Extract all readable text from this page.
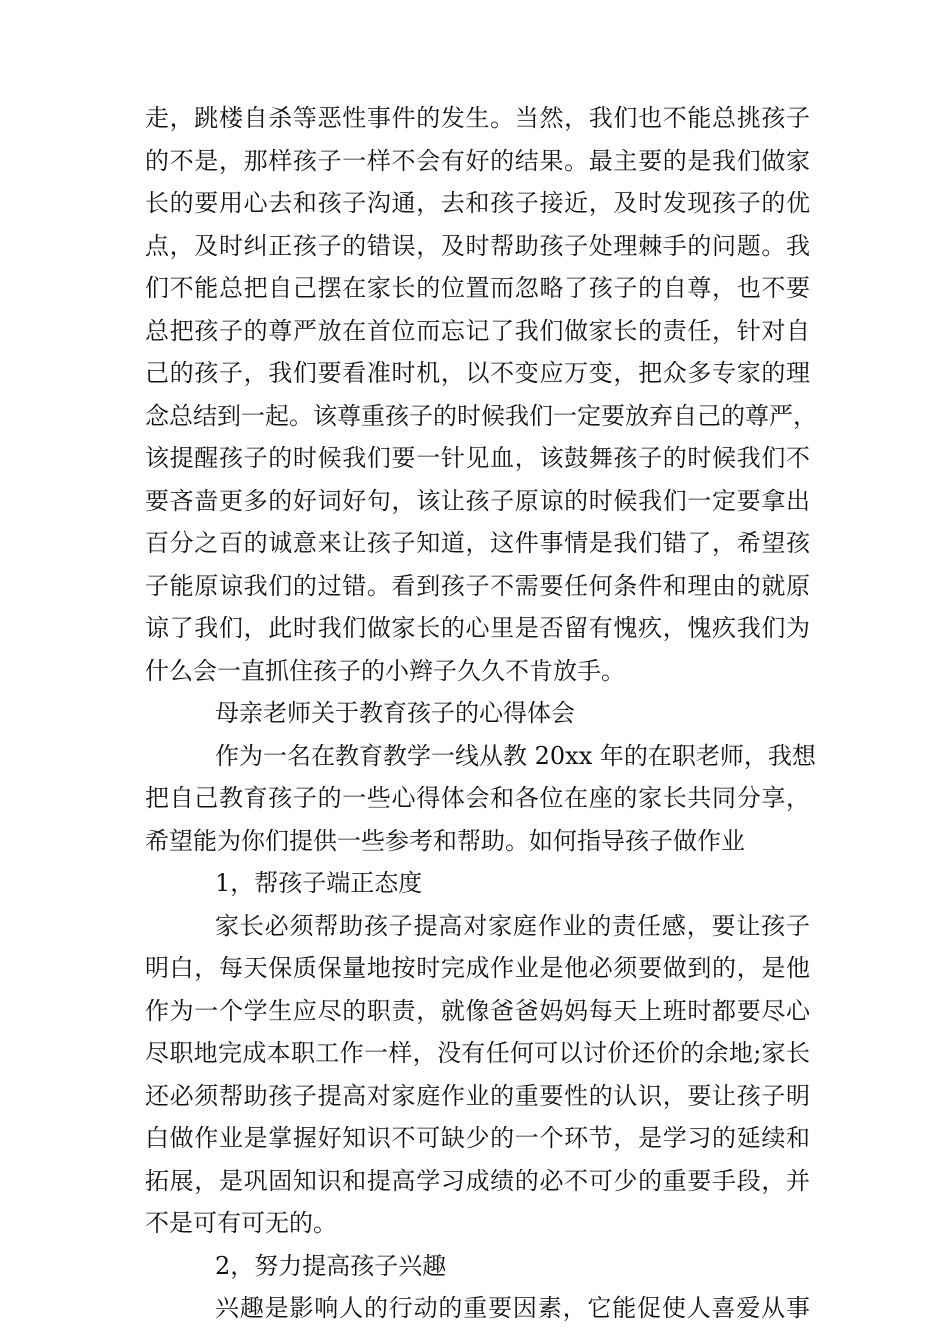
走，跳楼自杀等恶性事件的发生。当然，我们也不能总挑孩子
的不是，那样孩子一样不会有好的结果。最主要的是我们做家
长的要用心去和孩子沟通，去和孩子接近，及时发现孩子的优
点，及时纠正孩子的错误，及时帮助孩子处理棘手的问题。我
们不能总把自己摆在家长的位置而忽略了孩子的自尊，也不要
总把孩子的尊严放在首位而忘记了我们做家长的责任，针对自
己的孩子，我们要看准时机，以不变应万变，把众多专家的理
念总结到一起。该尊重孩子的时候我们一定要放弃自己的尊严，
该提醒孩子的时候我们要一针见血，该鼓舞孩子的时候我们不
要吝啬更多的好词好句，该让孩子原谅的时候我们一定要拿出
百分之百的诚意来让孩子知道，这件事情是我们错了，希望孩
子能原谅我们的过错。看到孩子不需要任何条件和理由的就原
谅了我们，此时我们做家长的心里是否留有愧疚，愧疚我们为
什么会一直抓住孩子的小辫子久久不肯放手。
母亲老师关于教育孩子的心得体会
作为一名在教育教学一线从教 20xx 年的在职老师，我想
把自己教育孩子的一些心得体会和各位在座的家长共同分享，
希望能为你们提供一些参考和帮助。如何指导孩子做作业
1，帮孩子端正态度
家长必须帮助孩子提高对家庭作业的责任感，要让孩子
明白，每天保质保量地按时完成作业是他必须要做到的，是他
作为一个学生应尽的职责，就像爸爸妈妈每天上班时都要尽心
尽职地完成本职工作一样，没有任何可以讨价还价的余地;家长
还必须帮助孩子提高对家庭作业的重要性的认识，要让孩子明
白做作业是掌握好知识不可缺少的一个环节，是学习的延续和
拓展，是巩固知识和提高学习成绩的必不可少的重要手段，并
不是可有可无的。
2，努力提高孩子兴趣
兴趣是影响人的行动的重要因素，它能促使人喜爱从事
